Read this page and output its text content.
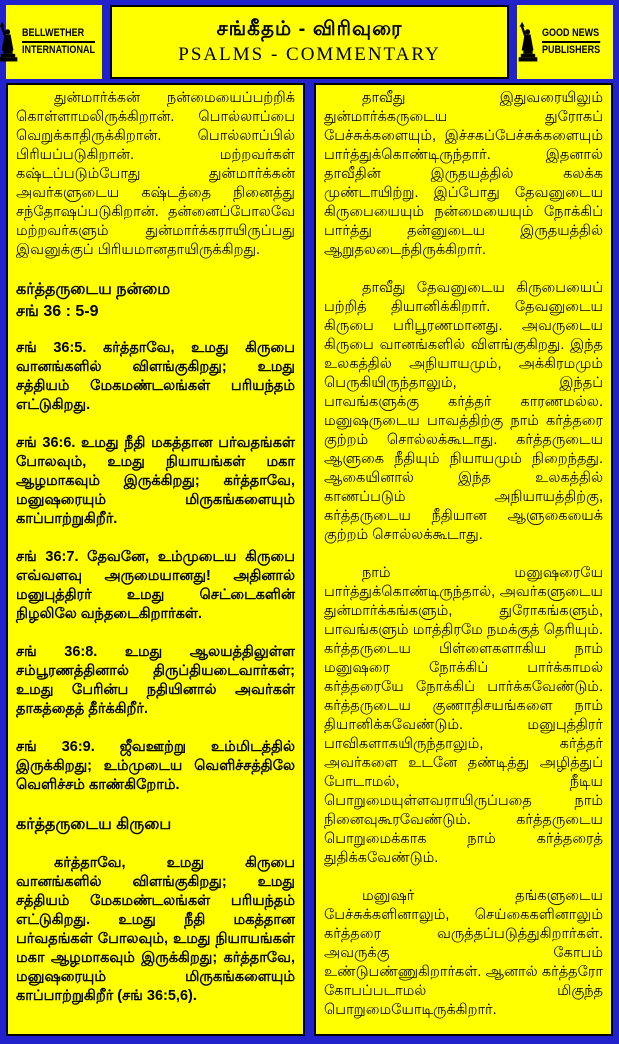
BELLWETHER
INTERNATIONAL
சங்கீதம் - விரிவுரை
PSALMS - COMMENTARY
GOOD NEWS
PUBLISHERS

துன்மார்க்கன் நன்மையைப்பற்றிக் கொள்ளாமலிருக்கிறான். பொல்லாப்பை வெறுக்காதிருக்கிறான். பொல்லாப்பில் பிரியப்படுகிறான். மற்றவர்கள் கஷ்டப்படும்போது துன்மார்க்கன் அவர்களுடைய கஷ்டத்தை நினைத்து சந்தோஷப்படுகிறான். தன்னைப்போலவே மற்றவர்களும் துன்மார்க்கராயிருப்பது இவனுக்குப் பிரியமானதாயிருக்கிறது.

கர்த்தருடைய நன்மை

சங் 36 : 5-9

சங் 36:5. கர்த்தாவே, உமது கிருபை வானங்களில் விளங்குகிறது; உமது சத்தியம் மேகமண்டலங்கள் பரியந்தம் எட்டுகிறது.

சங் 36:6. உமது நீதி மகத்தான பர்வதங்கள் போலவும், உமது நியாயங்கள் மகா ஆழமாகவும் இருக்கிறது; கர்த்தாவே, மனுஷரையும் மிருகங்களையும் காப்பாற்றுகிறீர்.

சங் 36:7. தேவனே, உம்முடைய கிருபை எவ்வளவு அருமையானது! அதினால் மனுபுத்திரர் உமது செட்டைகளின் நிழலிலே வந்தடைகிறார்கள்.

சங் 36:8. உமது ஆலயத்திலுள்ள சம்பூரணத்தினால் திருப்தியடைவார்கள்; உமது பேரின்ப நதியினால் அவர்கள் தாகத்தைத் தீர்க்கிறீர்.

சங் 36:9. ஜீவஊற்று உம்மிடத்தில் இருக்கிறது; உம்முடைய வெளிச்சத்திலே வெளிச்சம் காண்கிறோம்.

கர்த்தருடைய கிருபை

கர்த்தாவே, உமது கிருபை வானங்களில் விளங்குகிறது; உமது சத்தியம் மேகமண்டலங்கள் பரியந்தம் எட்டுகிறது. உமது நீதி மகத்தான பர்வதங்கள் போலவும், உமது நியாயங்கள் மகா ஆழமாகவும் இருக்கிறது; கர்த்தாவே, மனுஷரையும் மிருகங்களையும் காப்பாற்றுகிறீர் (சங் 36:5,6).

தாவீது இதுவரையிலும் துன்மார்க்கருடைய துரோகப் பேச்சுக்களையும், இச்சகப்பேச்சுக்களையும் பார்த்துக்கொண்டிருந்தார். இதனால் தாவீதின் இருதயத்தில் கலக்க முண்டாயிற்று. இப்போது தேவனுடைய கிருபையையும் நன்மையையும் நோக்கிப் பார்த்து தன்னுடைய இருதயத்தில் ஆறுதலடைந்திருக்கிறார்.

தாவீது தேவனுடைய கிருபையைப் பற்றித் தியானிக்கிறார். தேவனுடைய கிருபை பரிபூரணமானது. அவருடைய கிருபை வானங்களில் விளங்குகிறது. இந்த உலகத்தில் அநியாயமும், அக்கிரமமும் பெருகியிருந்தாலும், இந்தப் பாவங்களுக்கு கர்த்தர் காரணமல்ல. மனுஷருடைய பாவத்திற்கு நாம் கர்த்தரை குற்றம் சொல்லக்கூடாது. கர்த்தருடைய ஆளுகை நீதியும் நியாயமும் நிறைந்தது. ஆகையினால் இந்த உலகத்தில் காணப்படும் அநியாயத்திற்கு, கர்த்தருடைய நீதியான ஆளுகையைக் குற்றம் சொல்லக்கூடாது.

நாம் மனுஷரையே பார்த்துக்கொண்டிருந்தால், அவர்களுடைய துன்மார்க்கங்களும், துரோகங்களும், பாவங்களும் மாத்திரமே நமக்குத் தெரியும். கர்த்தருடைய பிள்ளைகளாகிய நாம் மனுஷரை நோக்கிப் பார்க்காமல் கர்த்தரையே நோக்கிப் பார்க்கவேண்டும். கர்த்தருடைய குணாதிசயங்களை நாம் தியானிக்கவேண்டும். மனுபுத்திரர் பாவிகளாகயிருந்தாலும், கர்த்தர் அவர்களை உடனே தண்டித்து அழித்துப் போடாமல், நீடிய பொறுமையுள்ளவராயிருப்பதை நாம் நினைவுகூரவேண்டும். கர்த்தருடைய பொறுமைக்காக நாம் கர்த்தரைத் துதிக்கவேண்டும்.

மனுஷர் தங்களுடைய பேச்சுக்களினாலும், செய்கைகளினாலும் கர்த்தரை வருத்தப்படுத்துகிறார்கள். அவருக்கு கோபம் உண்டுபண்ணுகிறார்கள். ஆனால் கர்த்தரோ கோபப்படாமல் மிகுந்த பொறுமையோடிருக்கிறார்.
